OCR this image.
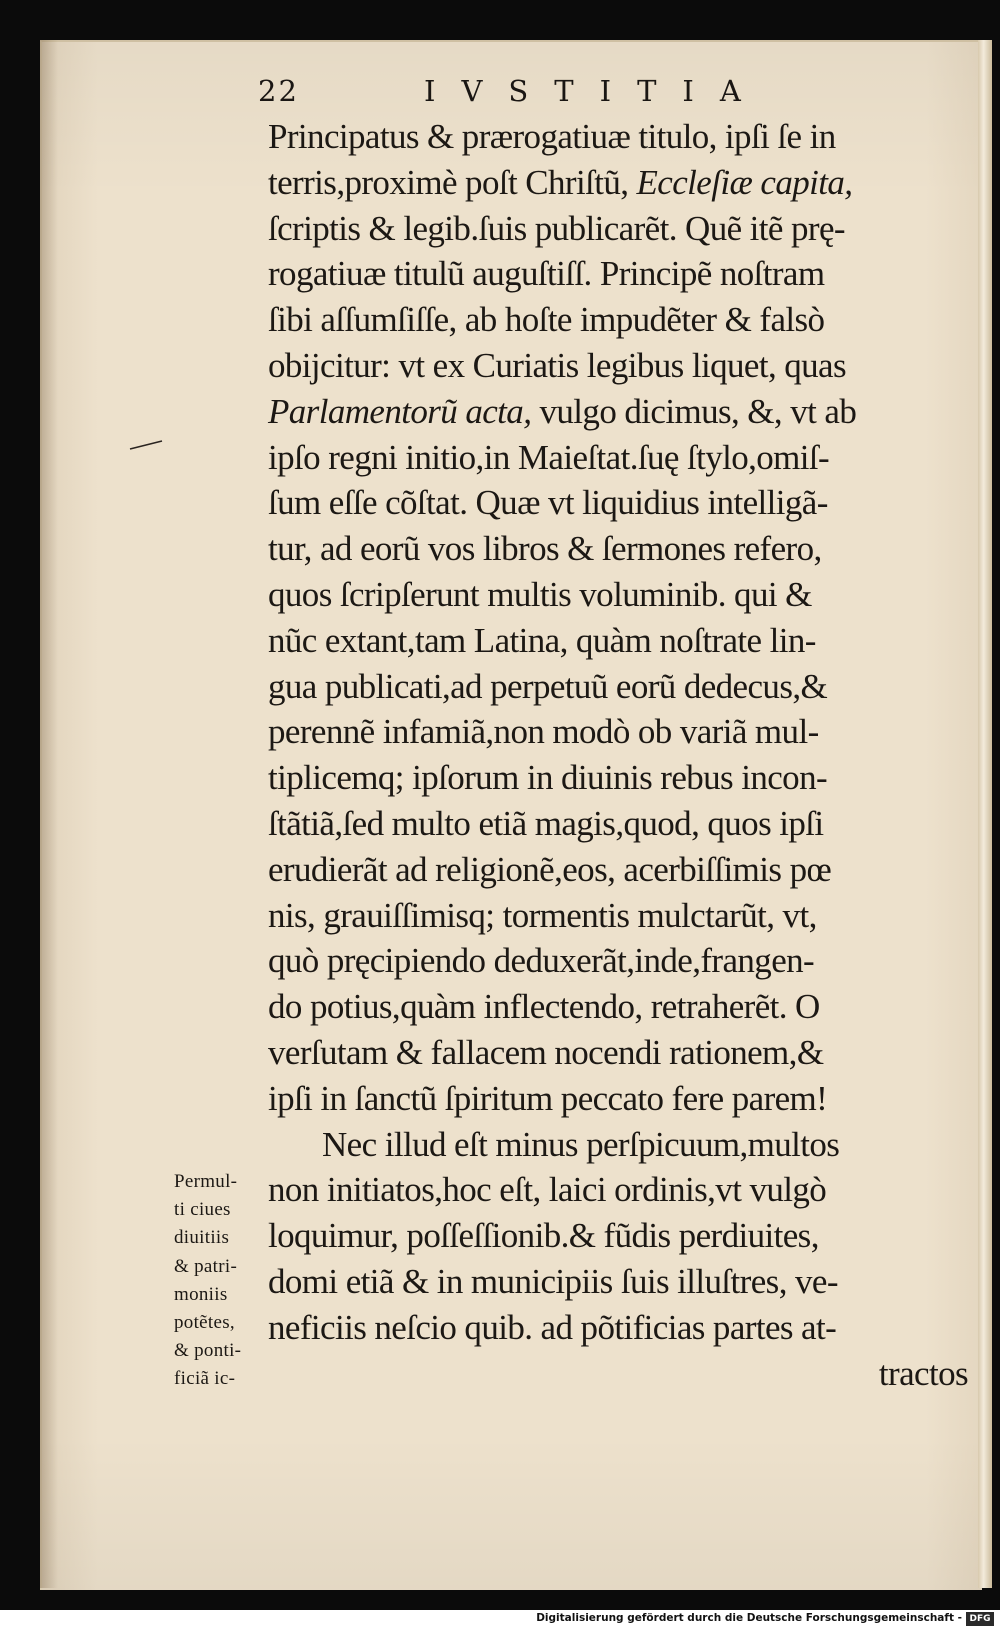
22	IVSTITIA
Principatus & prærogatiuæ titulo, ipſi ſe in
terris,proximè poſt Chriſtũ, Eccleſiæ capita,
ſcriptis & legib.ſuis publicarẽt. Quẽ itẽ prę-
rogatiuæ titulũ auguſtiſſ. Principẽ noſtram
ſibi aſſumſiſſe, ab hoſte impudẽter & falsò
obijcitur: vt ex Curiatis legibus liquet, quas
Parlamentorũ acta, vulgo dicimus, &, vt ab
ipſo regni initio,in Maieſtat.ſuę ſtylo,omiſ-
ſum eſſe cõſtat. Quæ vt liquidius intelligã-
tur, ad eorũ vos libros & ſermones refero,
quos ſcripſerunt multis voluminib. qui &
nũc extant,tam Latina, quàm noſtrate lin-
gua publicati,ad perpetuũ eorũ dedecus,&
perennẽ infamiã,non modò ob variã mul-
tiplicemq; ipſorum in diuinis rebus incon-
ſtãtiã,ſed multo etiã magis,quod, quos ipſi
erudierãt ad religionẽ,eos, acerbiſſimis pœ
nis, grauiſſimisq; tormentis mulctarũt, vt,
quò pręcipiendo deduxerãt,inde,frangen-
do potius,quàm inflectendo, retraherẽt. O
verſutam & fallacem nocendi rationem,&
ipſi in ſanctũ ſpiritum peccato fere parem!
Nec illud eſt minus perſpicuum,multos
non initiatos,hoc eſt, laici ordinis,vt vulgò
loquimur, poſſeſſionib.& fũdis perdiuites,
domi etiã & in municipiis ſuis illuſtres, ve-
neficiis neſcio quib. ad põtificias partes at-
tractos
Permul-
ti ciues
diuitiis
& patri-
moniis
potẽtes,
& ponti-
ficiã ic-
Digitalisierung gefördert durch die Deutsche Forschungsgemeinschaft - DFG
